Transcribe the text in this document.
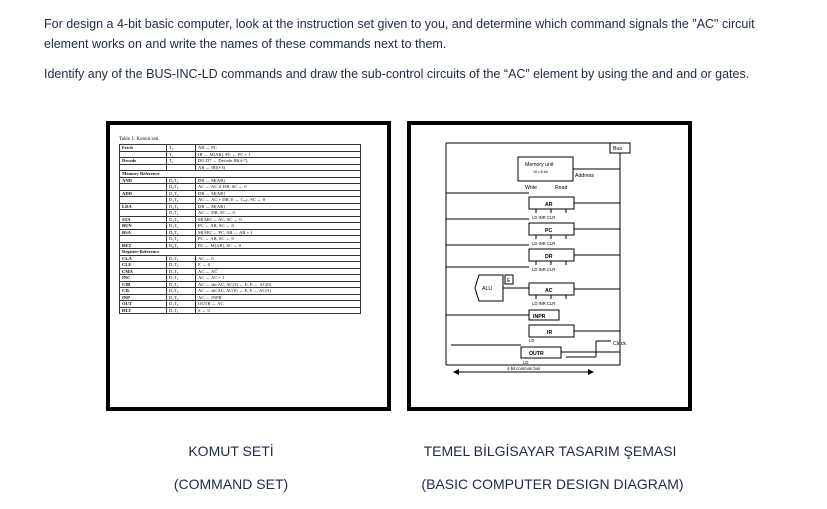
For design a 4-bit basic computer, look at the instruction set given to you, and determine which command signals the "AC" circuit element works on and write the names of these commands next to them.
Identify any of the BUS-INC-LD commands and draw the sub-control circuits of the “AC” element by using the and and or gates.
Table 1: Komut seti
Fetch	T₀	AR ← PC
	T₁	IR ← M[AR], PC ← PC + 1
Decode	T₂	D0..D7 ← Decode IR(4-7),
		AR ← IR(0-3)
Memory Reference		
AND	D₀T₃	DR ← M[AR]
	D₀T₄	AC ← AC ∧ DR, SC ← 0
ADD	D₁T₃	DR ← M[AR]
	D₁T₄	AC ← AC + DR, E ← Cₒᵤₜ, SC ← 0
LDA	D₂T₃	DR ← M[AR]
	D₂T₄	AC ← DR, SC ← 0
STA	D₃T₃	M[AR] ← AC, SC ← 0
BUN	D₄T₃	PC ← AR, SC ← 0
BSA	D₅T₃	M[AR] ← PC, AR ← AR + 1
	D₅T₄	PC ← AR, SC ← 0
RET	D₆T₃	PC ← M[AR], SC ← 0
Register-Reference		
CLA	D₇T₃	AC ← 0
CLE	D₇T₃	E ← 0
CMA	D₇T₃	AC ← AC̅
INC	D₇T₃	AC ← AC + 1
CIR	D₇T₃	AC ← shr AC, AC(3) ← E, E ← AC(0)
CIL	D₇T₃	AC ← shl AC, AC(0) ← E, E ← AC(3)
INP	D₇T₃	AC ← INPR
OUT	D₇T₃	OUTR ← AC
HLT	D₇T₃	S ← 0
Bus
Memory unit
16 x 8 bit
Address
Write	Read
AR
LD INR CLR
PC
LD INR CLR
DR
LD INR CLR
AC
LD INR CLR
INPR
IR
LD
OUTR
LD
ALU
E
Clock
4-bit common bus
KOMUT SETİ
(COMMAND SET)
TEMEL BİLGİSAYAR TASARIM ŞEMASI
(BASIC COMPUTER DESIGN DIAGRAM)
